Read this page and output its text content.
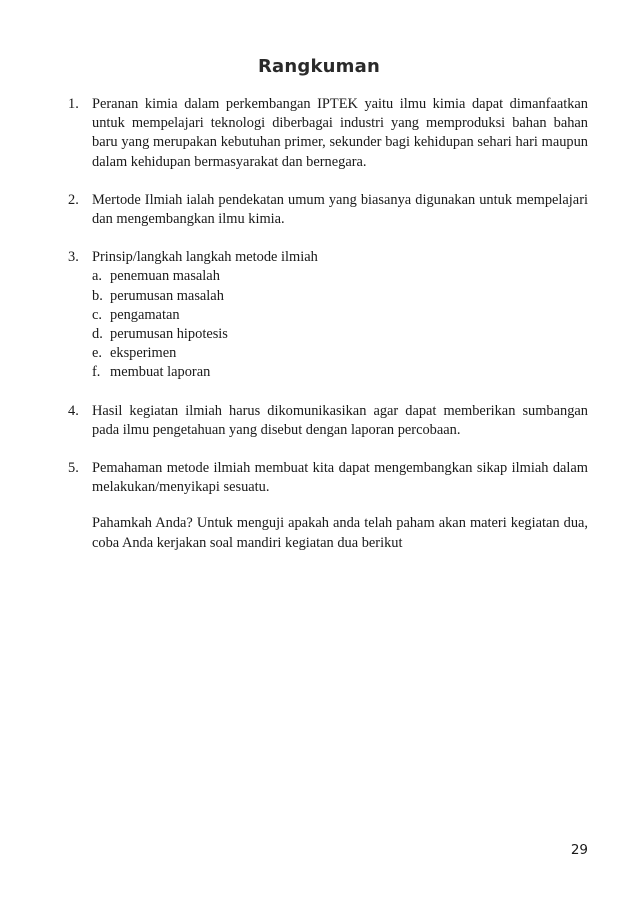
Rangkuman
1. Peranan kimia dalam perkembangan IPTEK yaitu ilmu kimia dapat dimanfaatkan untuk mempelajari teknologi diberbagai industri yang memproduksi bahan bahan baru yang merupakan kebutuhan primer, sekunder bagi kehidupan sehari hari maupun dalam kehidupan bermasyarakat dan bernegara.
2. Mertode Ilmiah ialah pendekatan umum yang biasanya digunakan untuk mempelajari dan mengembangkan ilmu kimia.
3. Prinsip/langkah langkah metode ilmiah
a. penemuan masalah
b. perumusan masalah
c. pengamatan
d. perumusan hipotesis
e. eksperimen
f. membuat laporan
4. Hasil kegiatan ilmiah harus dikomunikasikan agar dapat memberikan sumbangan pada ilmu pengetahuan yang disebut dengan laporan percobaan.
5. Pemahaman metode ilmiah membuat kita dapat mengembangkan sikap ilmiah dalam melakukan/menyikapi sesuatu.
Pahamkah Anda? Untuk menguji apakah anda telah paham akan materi kegiatan dua, coba Anda kerjakan soal mandiri kegiatan dua berikut
29
